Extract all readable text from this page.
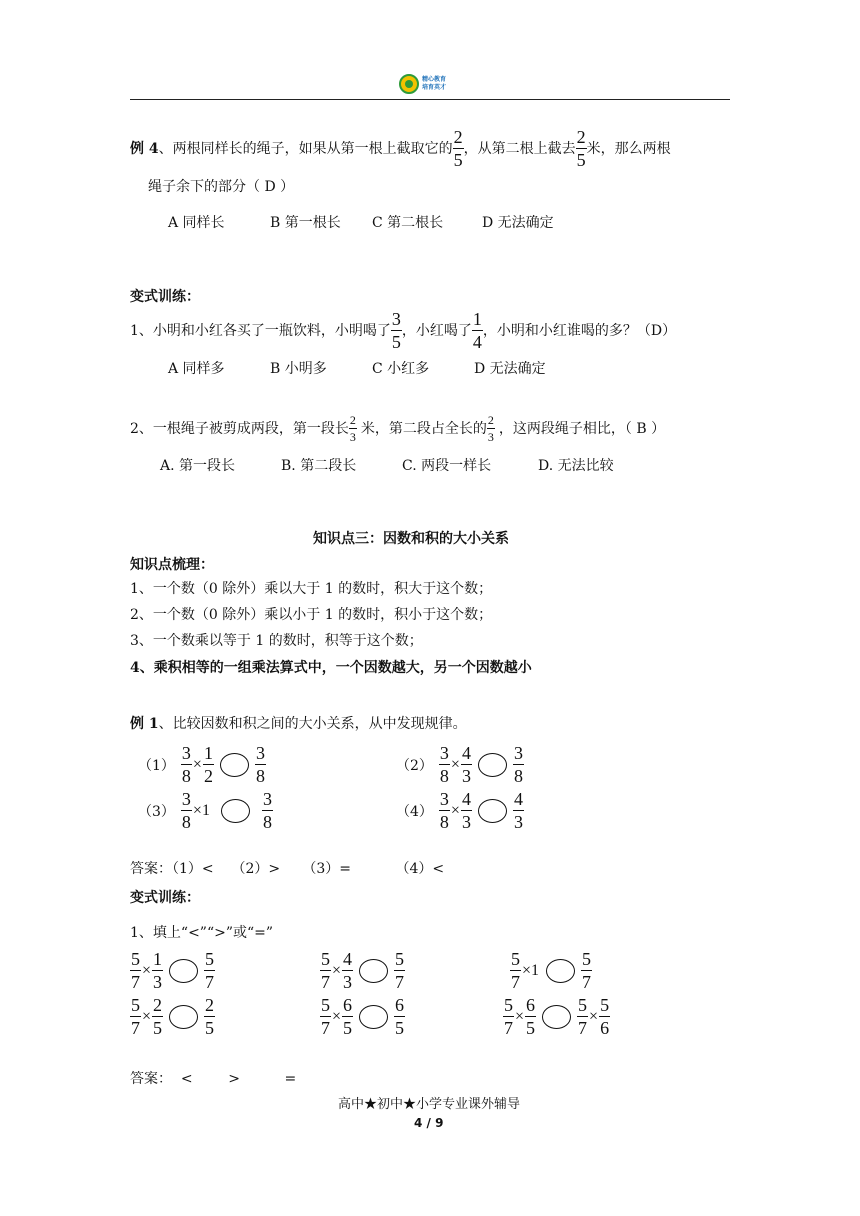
精心教育
培育英才
例 4 、两根同样长的绳子，如果从第一根上截取它的 $\frac{2}{5}$ ，从第二根上截去 $\frac{2}{5}$ 米，那么两根
绳子余下的部分（ D ）
A 同样长	B 第一根长 C 第二根长	D 无法确定
变式训练：
1、小明和小红各买了一瓶饮料，小明喝了 $\frac{3}{5}$ ，小红喝了 $\frac{1}{4}$ ，小明和小红谁喝的多？（D）
A 同样多	B 小明多	C 小红多	D 无法确定
2、一根绳子被剪成两段，第一段长 $\frac{2}{3}$ 米，第二段占全长的 $\frac{2}{3}$ ，这两段绳子相比，（ B ）
A. 第一段长	B. 第二段长	C. 两段一样长	D. 无法比较
知识点三：因数和积的大小关系
知识点梳理：
1、一个数（0 除外）乘以大于 1 的数时，积大于这个数；
2、一个数（0 除外）乘以小于 1 的数时，积小于这个数；
3、一个数乘以等于 1 的数时，积等于这个数；
4、乘积相等的一组乘法算式中，一个因数越大，另一个因数越小
例 1、比较因数和积之间的大小关系，从中发现规律。
$(1) \frac{3}{8} \times \frac{1}{2} \frac{3}{8}$	$(2) \frac{3}{8} \times \frac{4}{3} \frac{3}{8}$
$(3) \frac{3}{8} \times 1$	$\frac{3}{8}$	$(4) \frac{3}{8} \times \frac{4}{3} \frac{4}{3}$
答案：（1）<    （2）>     （3）=          （4）<
变式训练：
1、填上“<”“>”或“=”
$\frac{5}{7} \times \frac{1}{3} \frac{5}{7}$	$\frac{5}{7} \times \frac{4}{3} \frac{5}{7}$	$\frac{5}{7} \times 1 \frac{5}{7}$
$\frac{5}{7} \times \frac{2}{5} \frac{2}{5}$	$\frac{5}{7} \times \frac{6}{5} \frac{6}{5}$	$\frac{5}{7} \times \frac{6}{5} \frac{5}{7} \times \frac{5}{6}$
答案：  <        >          =
高中★初中★小学专业课外辅导
4 / 9
